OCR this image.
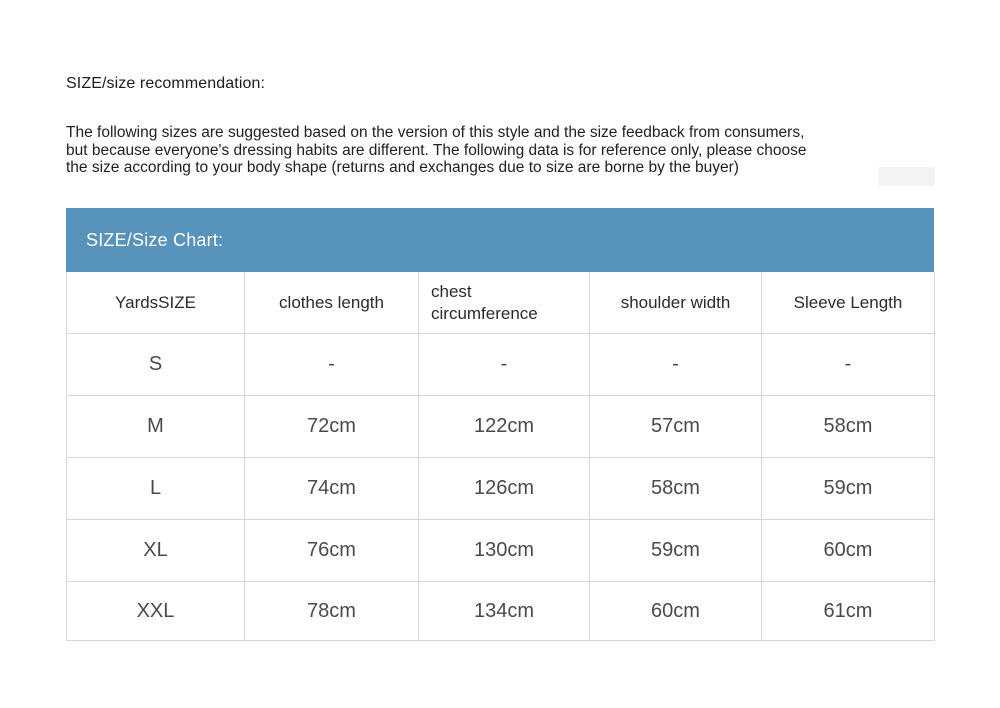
SIZE/size recommendation:
The following sizes are suggested based on the version of this style and the size feedback from consumers,
but because everyone's dressing habits are different. The following data is for reference only, please choose
the size according to your body shape (returns and exchanges due to size are borne by the buyer)
SIZE/Size Chart:
YardsSIZE	clothes length	chest circumference	shoulder width	Sleeve Length
S	-	-	-	-
M	72cm	122cm	57cm	58cm
L	74cm	126cm	58cm	59cm
XL	76cm	130cm	59cm	60cm
XXL	78cm	134cm	60cm	61cm
